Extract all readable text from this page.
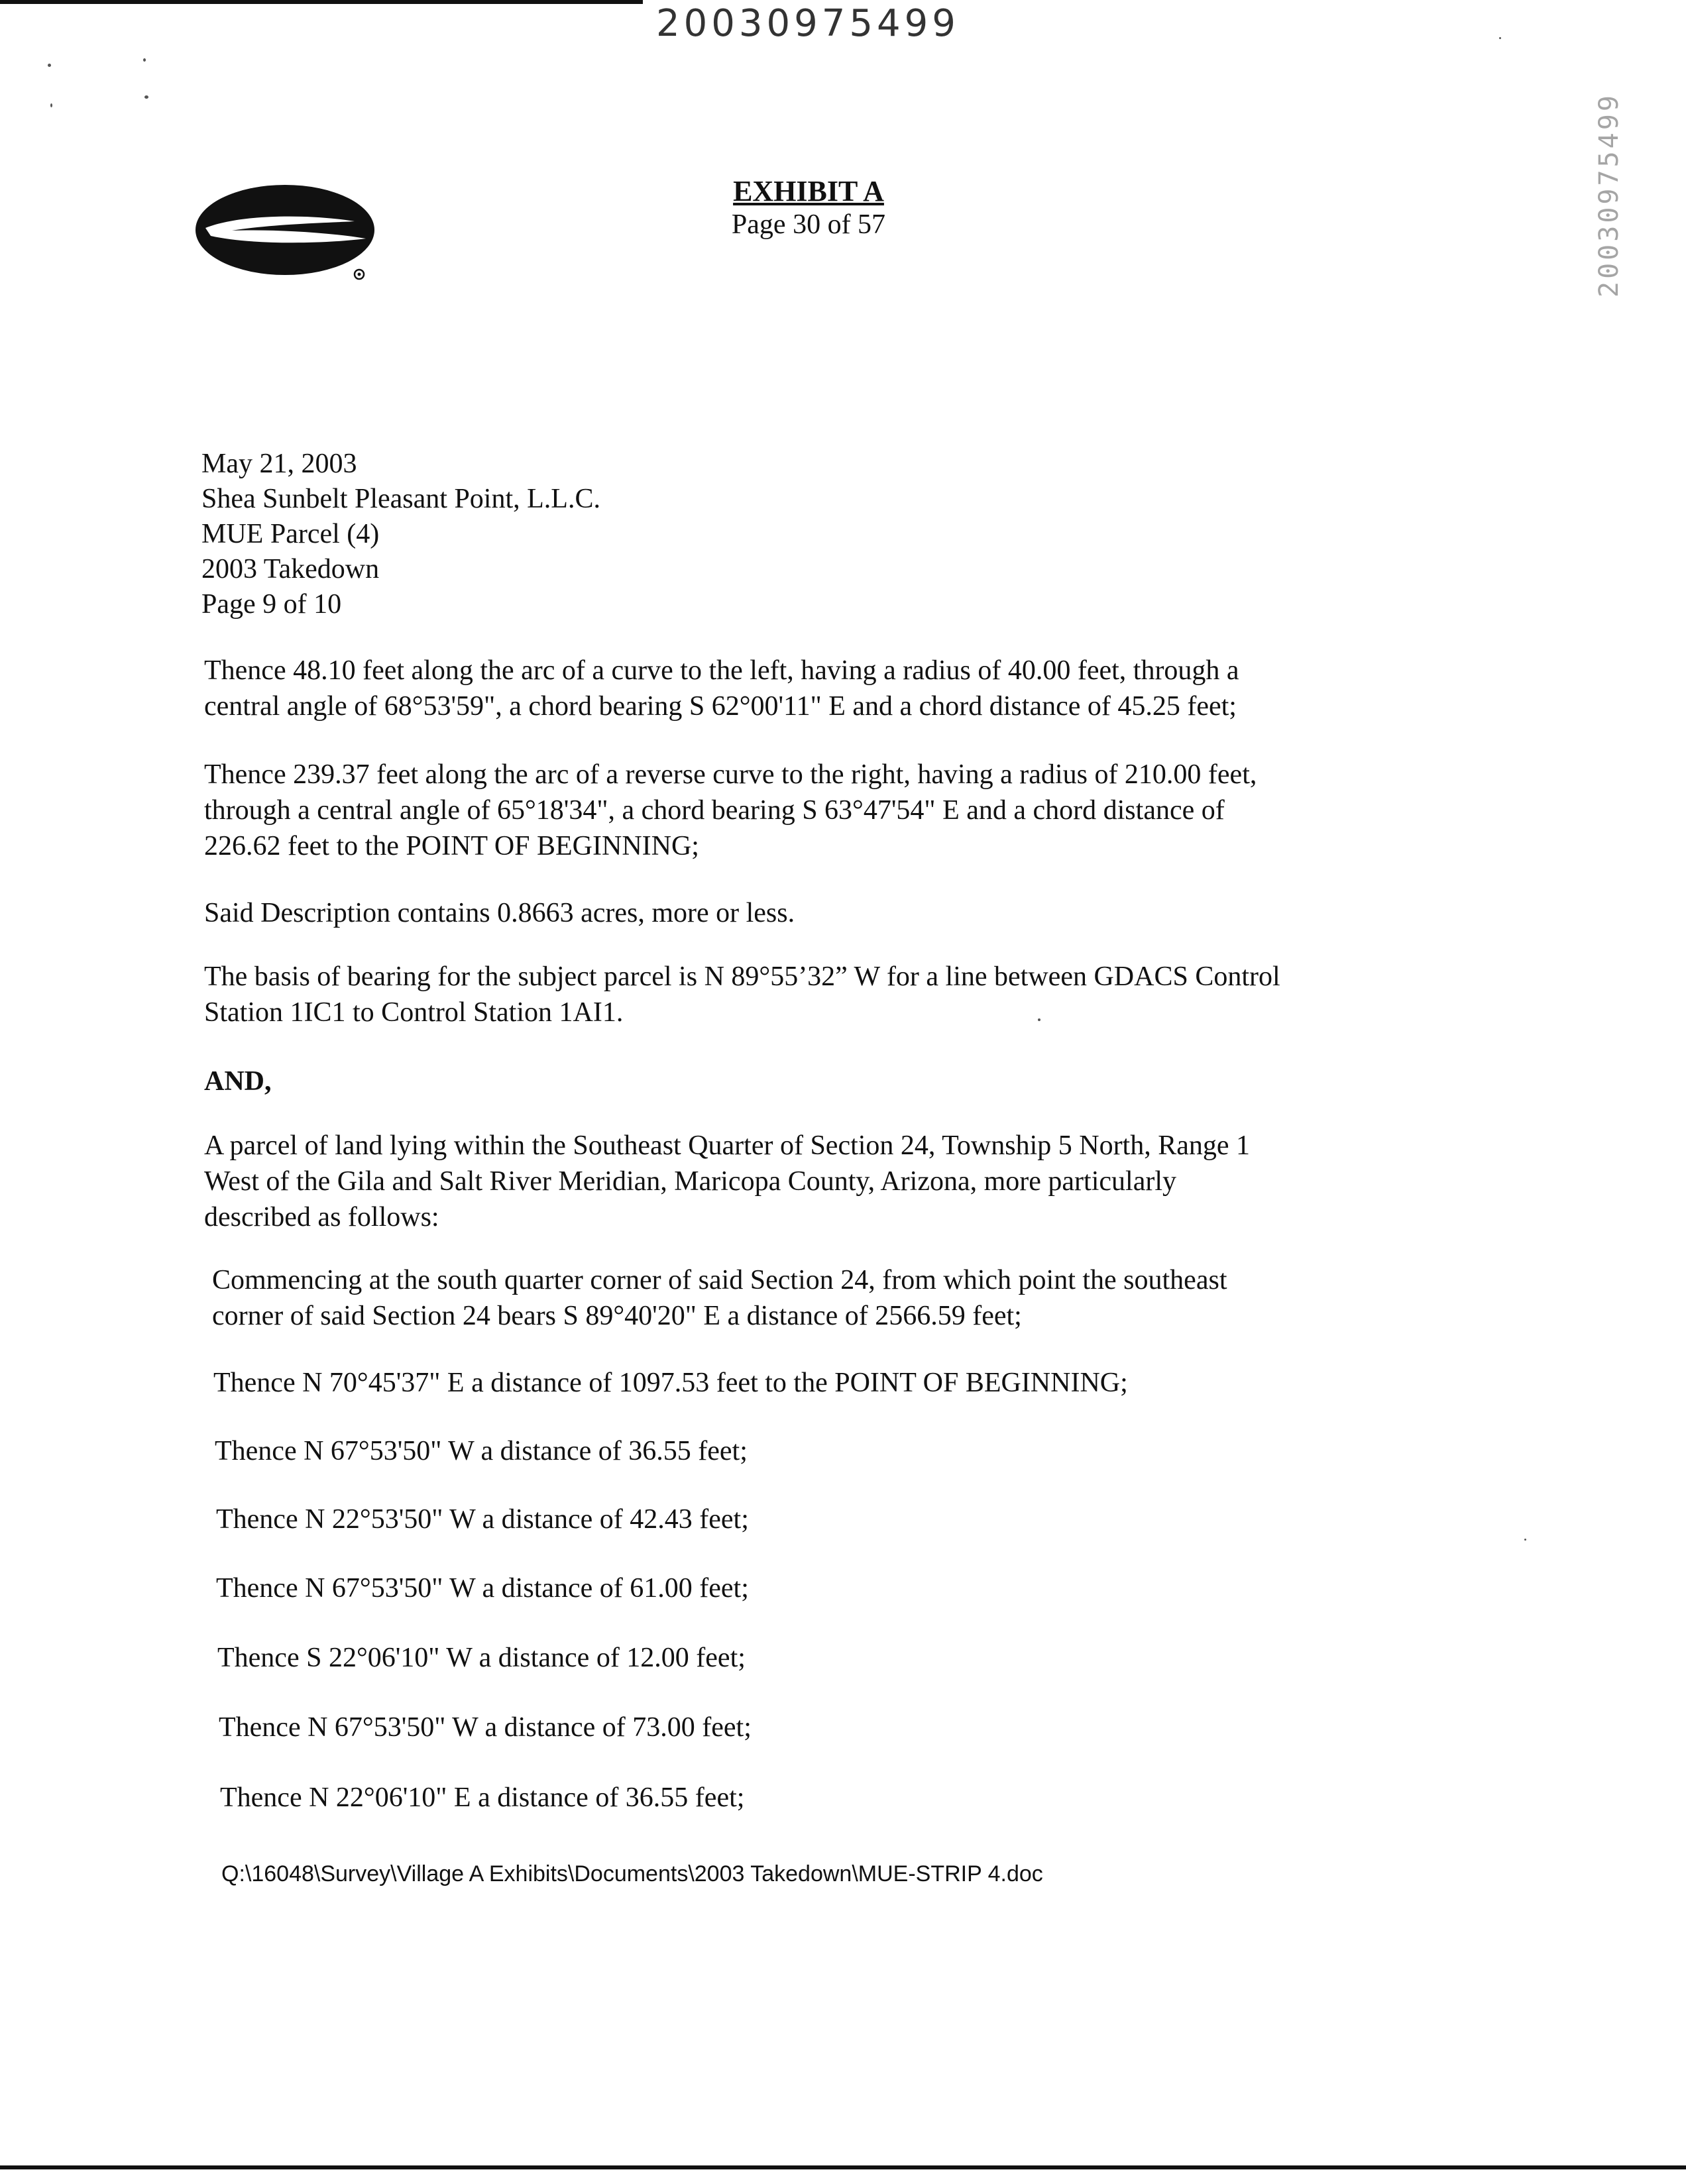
20030975499
20030975499
EXHIBIT A
Page 30 of 57
May 21, 2003
Shea Sunbelt Pleasant Point, L.L.C.
MUE Parcel (4)
2003 Takedown
Page 9 of 10
Thence 48.10 feet along the arc of a curve to the left, having a radius of 40.00 feet, through a
central angle of 68°53'59", a chord bearing S 62°00'11" E and a chord distance of 45.25 feet;
Thence 239.37 feet along the arc of a reverse curve to the right, having a radius of 210.00 feet,
through a central angle of 65°18'34", a chord bearing S 63°47'54" E and a chord distance of
226.62 feet to the POINT OF BEGINNING;
Said Description contains 0.8663 acres, more or less.
The basis of bearing for the subject parcel is N 89°55’32” W for a line between GDACS Control
Station 1IC1 to Control Station 1AI1.
AND,
A parcel of land lying within the Southeast Quarter of Section 24, Township 5 North, Range 1
West of the Gila and Salt River Meridian, Maricopa County, Arizona, more particularly
described as follows:
Commencing at the south quarter corner of said Section 24, from which point the southeast
corner of said Section 24 bears S 89°40'20" E a distance of 2566.59 feet;
Thence N 70°45'37" E a distance of 1097.53 feet to the POINT OF BEGINNING;
Thence N 67°53'50" W a distance of 36.55 feet;
Thence N 22°53'50" W a distance of 42.43 feet;
Thence N 67°53'50" W a distance of 61.00 feet;
Thence S 22°06'10" W a distance of 12.00 feet;
Thence N 67°53'50" W a distance of 73.00 feet;
Thence N 22°06'10" E a distance of 36.55 feet;
Q:\16048\Survey\Village A Exhibits\Documents\2003 Takedown\MUE-STRIP 4.doc
